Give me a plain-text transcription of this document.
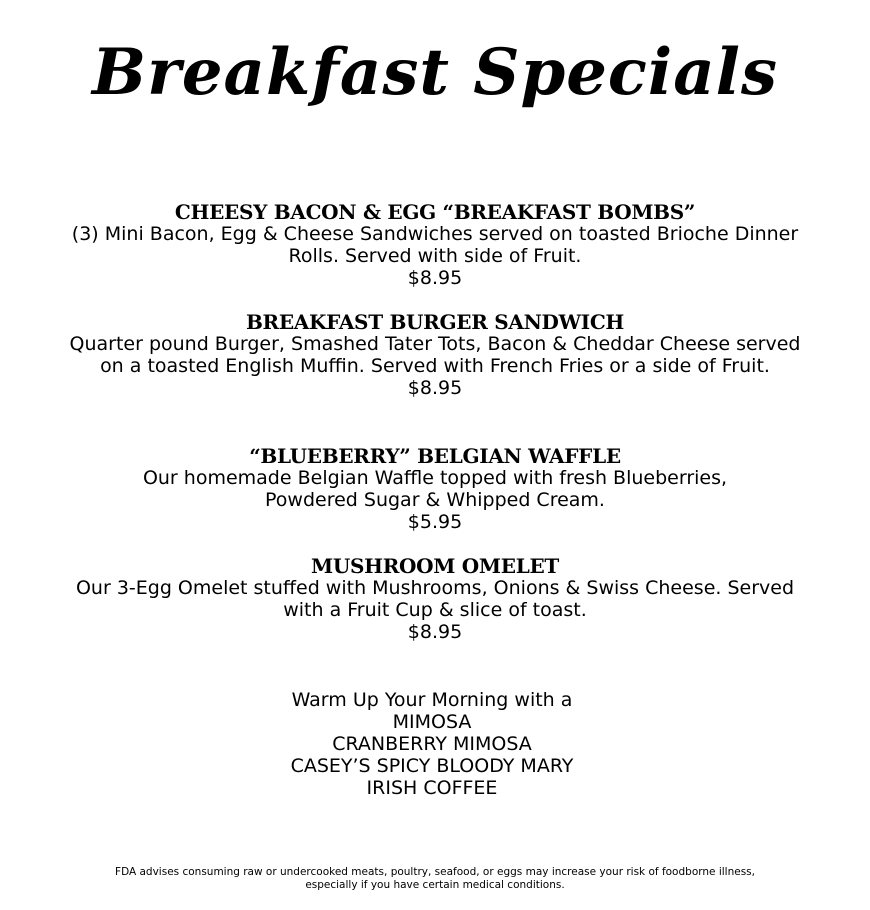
Breakfast Specials
CHEESY BACON & EGG “BREAKFAST BOMBS”
(3) Mini Bacon, Egg & Cheese Sandwiches served on toasted Brioche Dinner Rolls. Served with side of Fruit.
$8.95
BREAKFAST BURGER SANDWICH
Quarter pound Burger, Smashed Tater Tots, Bacon & Cheddar Cheese served on a toasted English Muffin. Served with French Fries or a side of Fruit.
$8.95
“BLUEBERRY” BELGIAN WAFFLE
Our homemade Belgian Waffle topped with fresh Blueberries, Powdered Sugar & Whipped Cream.
$5.95
MUSHROOM OMELET
Our 3-Egg Omelet stuffed with Mushrooms, Onions & Swiss Cheese. Served with a Fruit Cup & slice of toast.
$8.95
Warm Up Your Morning with a
MIMOSA
CRANBERRY MIMOSA
CASEY’S SPICY BLOODY MARY
IRISH COFFEE
FDA advises consuming raw or undercooked meats, poultry, seafood, or eggs may increase your risk of foodborne illness,
especially if you have certain medical conditions.
